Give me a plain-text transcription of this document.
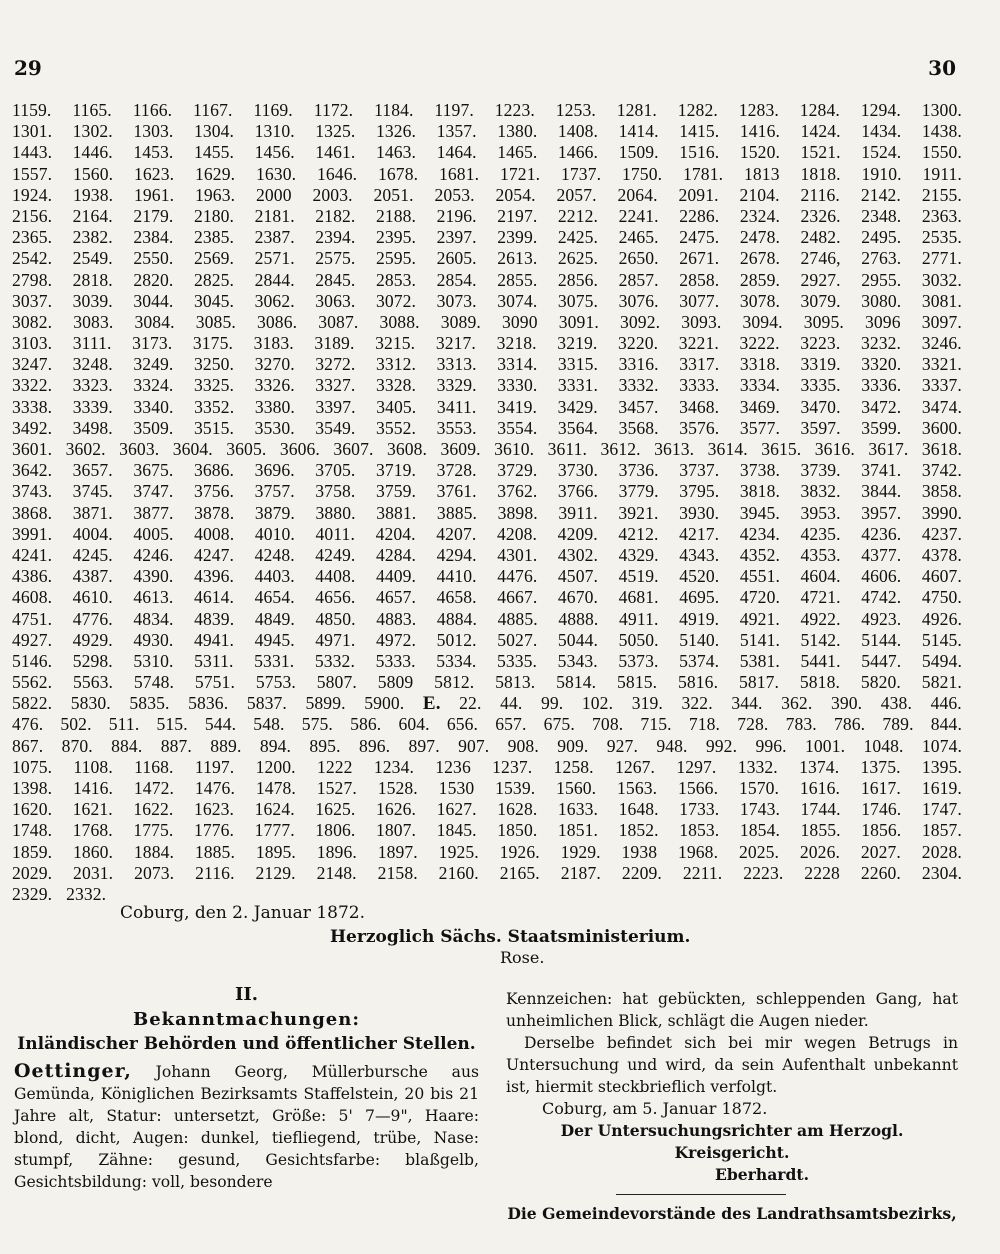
29	30
1159. 1165. 1166. 1167. 1169. 1172. 1184. 1197. 1223. 1253. 1281. 1282. 1283. 1284. 1294. 1300.
1301. 1302. 1303. 1304. 1310. 1325. 1326. 1357. 1380. 1408. 1414. 1415. 1416. 1424. 1434. 1438.
1443. 1446. 1453. 1455. 1456. 1461. 1463. 1464. 1465. 1466. 1509. 1516. 1520. 1521. 1524. 1550.
1557. 1560. 1623. 1629. 1630. 1646. 1678. 1681. 1721. 1737. 1750. 1781. 1813 1818. 1910. 1911.
1924. 1938. 1961. 1963. 2000 2003. 2051. 2053. 2054. 2057. 2064. 2091. 2104. 2116. 2142. 2155.
2156. 2164. 2179. 2180. 2181. 2182. 2188. 2196. 2197. 2212. 2241. 2286. 2324. 2326. 2348. 2363.
2365. 2382. 2384. 2385. 2387. 2394. 2395. 2397. 2399. 2425. 2465. 2475. 2478. 2482. 2495. 2535.
2542. 2549. 2550. 2569. 2571. 2575. 2595. 2605. 2613. 2625. 2650. 2671. 2678. 2746, 2763. 2771.
2798. 2818. 2820. 2825. 2844. 2845. 2853. 2854. 2855. 2856. 2857. 2858. 2859. 2927. 2955. 3032.
3037. 3039. 3044. 3045. 3062. 3063. 3072. 3073. 3074. 3075. 3076. 3077. 3078. 3079. 3080. 3081.
3082. 3083. 3084. 3085. 3086. 3087. 3088. 3089. 3090 3091. 3092. 3093. 3094. 3095. 3096 3097.
3103. 3111. 3173. 3175. 3183. 3189. 3215. 3217. 3218. 3219. 3220. 3221. 3222. 3223. 3232. 3246.
3247. 3248. 3249. 3250. 3270. 3272. 3312. 3313. 3314. 3315. 3316. 3317. 3318. 3319. 3320. 3321.
3322. 3323. 3324. 3325. 3326. 3327. 3328. 3329. 3330. 3331. 3332. 3333. 3334. 3335. 3336. 3337.
3338. 3339. 3340. 3352. 3380. 3397. 3405. 3411. 3419. 3429. 3457. 3468. 3469. 3470. 3472. 3474.
3492. 3498. 3509. 3515. 3530. 3549. 3552. 3553. 3554. 3564. 3568. 3576. 3577. 3597. 3599. 3600.
3601. 3602. 3603. 3604. 3605. 3606. 3607. 3608. 3609. 3610. 3611. 3612. 3613. 3614. 3615. 3616. 3617. 3618.
3642. 3657. 3675. 3686. 3696. 3705. 3719. 3728. 3729. 3730. 3736. 3737. 3738. 3739. 3741. 3742.
3743. 3745. 3747. 3756. 3757. 3758. 3759. 3761. 3762. 3766. 3779. 3795. 3818. 3832. 3844. 3858.
3868. 3871. 3877. 3878. 3879. 3880. 3881. 3885. 3898. 3911. 3921. 3930. 3945. 3953. 3957. 3990.
3991. 4004. 4005. 4008. 4010. 4011. 4204. 4207. 4208. 4209. 4212. 4217. 4234. 4235. 4236. 4237.
4241. 4245. 4246. 4247. 4248. 4249. 4284. 4294. 4301. 4302. 4329. 4343. 4352. 4353. 4377. 4378.
4386. 4387. 4390. 4396. 4403. 4408. 4409. 4410. 4476. 4507. 4519. 4520. 4551. 4604. 4606. 4607.
4608. 4610. 4613. 4614. 4654. 4656. 4657. 4658. 4667. 4670. 4681. 4695. 4720. 4721. 4742. 4750.
4751. 4776. 4834. 4839. 4849. 4850. 4883. 4884. 4885. 4888. 4911. 4919. 4921. 4922. 4923. 4926.
4927. 4929. 4930. 4941. 4945. 4971. 4972. 5012. 5027. 5044. 5050. 5140. 5141. 5142. 5144. 5145.
5146. 5298. 5310. 5311. 5331. 5332. 5333. 5334. 5335. 5343. 5373. 5374. 5381. 5441. 5447. 5494.
5562. 5563. 5748. 5751. 5753. 5807. 5809 5812. 5813. 5814. 5815. 5816. 5817. 5818. 5820. 5821.
5822. 5830. 5835. 5836. 5837. 5899. 5900. E. 22. 44. 99. 102. 319. 322. 344. 362. 390. 438. 446.
476. 502. 511. 515. 544. 548. 575. 586. 604. 656. 657. 675. 708. 715. 718. 728. 783. 786. 789. 844.
867. 870. 884. 887. 889. 894. 895. 896. 897. 907. 908. 909. 927. 948. 992. 996. 1001. 1048. 1074.
1075. 1108. 1168. 1197. 1200. 1222 1234. 1236 1237. 1258. 1267. 1297. 1332. 1374. 1375. 1395.
1398. 1416. 1472. 1476. 1478. 1527. 1528. 1530 1539. 1560. 1563. 1566. 1570. 1616. 1617. 1619.
1620. 1621. 1622. 1623. 1624. 1625. 1626. 1627. 1628. 1633. 1648. 1733. 1743. 1744. 1746. 1747.
1748. 1768. 1775. 1776. 1777. 1806. 1807. 1845. 1850. 1851. 1852. 1853. 1854. 1855. 1856. 1857.
1859. 1860. 1884. 1885. 1895. 1896. 1897. 1925. 1926. 1929. 1938 1968. 2025. 2026. 2027. 2028.
2029. 2031. 2073. 2116. 2129. 2148. 2158. 2160. 2165. 2187. 2209. 2211. 2223. 2228 2260. 2304.
2329. 2332.
Coburg, den 2. Januar 1872.
Herzoglich Sächs. Staatsministerium.
Rose.
II.
Bekanntmachungen:
Inländischer Behörden und öffentlicher Stellen.
Oettinger, Johann Georg, Müllerbursche aus Gemünda, Königlichen Bezirksamts Staffelstein, 20 bis 21 Jahre alt, Statur: untersetzt, Größe: 5' 7—9", Haare: blond, dicht, Augen: dunkel, tiefliegend, trübe, Nase: stumpf, Zähne: gesund, Gesichtsfarbe: blaßgelb, Gesichtsbildung: voll, besondere
Kennzeichen: hat gebückten, schleppenden Gang, hat unheimlichen Blick, schlägt die Augen nieder.
Derselbe befindet sich bei mir wegen Betrugs in Untersuchung und wird, da sein Aufenthalt unbekannt ist, hiermit steckbrieflich verfolgt.
Coburg, am 5. Januar 1872.
Der Untersuchungsrichter am Herzogl. Kreisgericht.
Eberhardt.
Die Gemeindevorstände des Landrathsamtsbezirks,
